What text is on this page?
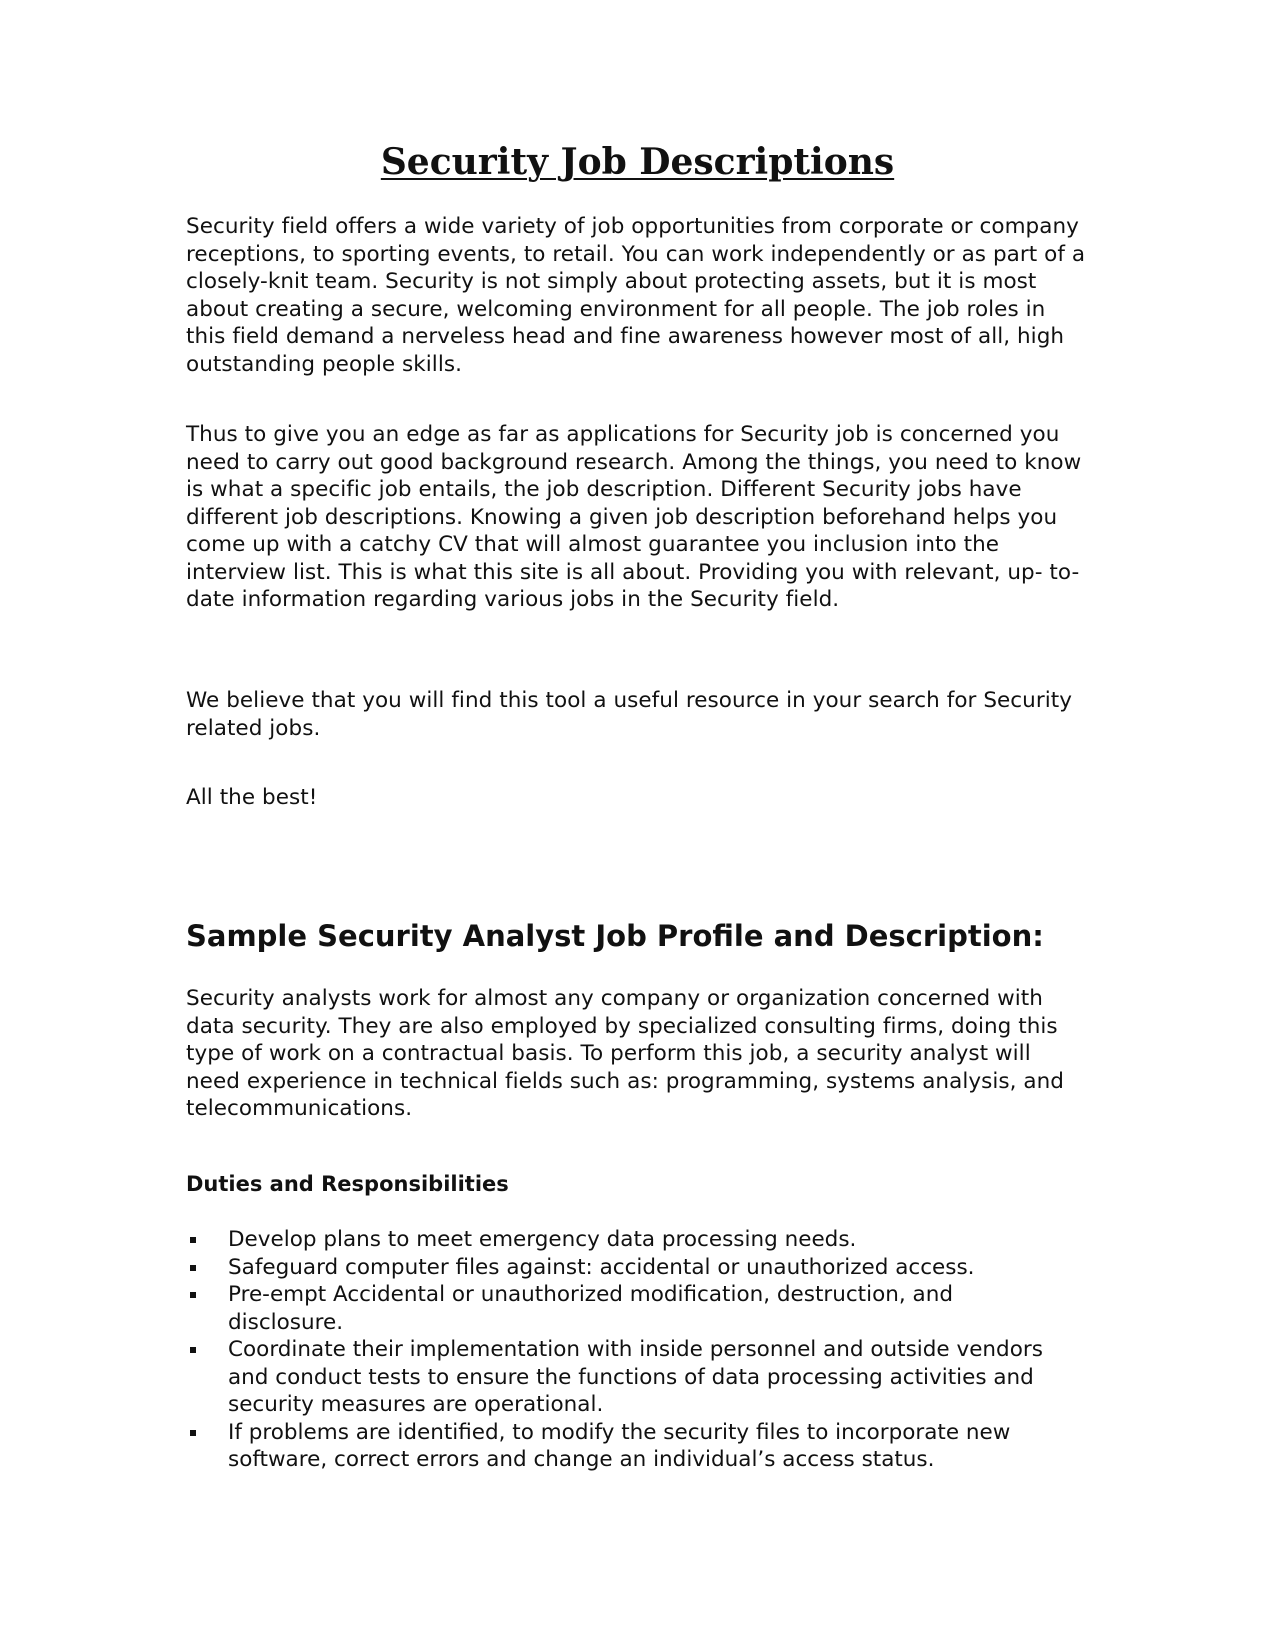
Security Job Descriptions

Security field offers a wide variety of job opportunities from corporate or company receptions, to sporting events, to retail. You can work independently or as part of a closely-knit team. Security is not simply about protecting assets, but it is most about creating a secure, welcoming environment for all people. The job roles in this field demand a nerveless head and fine awareness however most of all, high outstanding people skills.

Thus to give you an edge as far as applications for Security job is concerned you need to carry out good background research. Among the things, you need to know is what a specific job entails, the job description. Different Security jobs have different job descriptions. Knowing a given job description beforehand helps you come up with a catchy CV that will almost guarantee you inclusion into the interview list. This is what this site is all about. Providing you with relevant, up- to-date information regarding various jobs in the Security field.

We believe that you will find this tool a useful resource in your search for Security related jobs.

All the best!

Sample Security Analyst Job Profile and Description:

Security analysts work for almost any company or organization concerned with data security. They are also employed by specialized consulting firms, doing this type of work on a contractual basis. To perform this job, a security analyst will need experience in technical fields such as: programming, systems analysis, and telecommunications.

Duties and Responsibilities
Develop plans to meet emergency data processing needs.
Safeguard computer files against: accidental or unauthorized access.
Pre-empt Accidental or unauthorized modification, destruction, and disclosure.
Coordinate their implementation with inside personnel and outside vendors and conduct tests to ensure the functions of data processing activities and security measures are operational.
If problems are identified, to modify the security files to incorporate new software, correct errors and change an individual’s access status.
